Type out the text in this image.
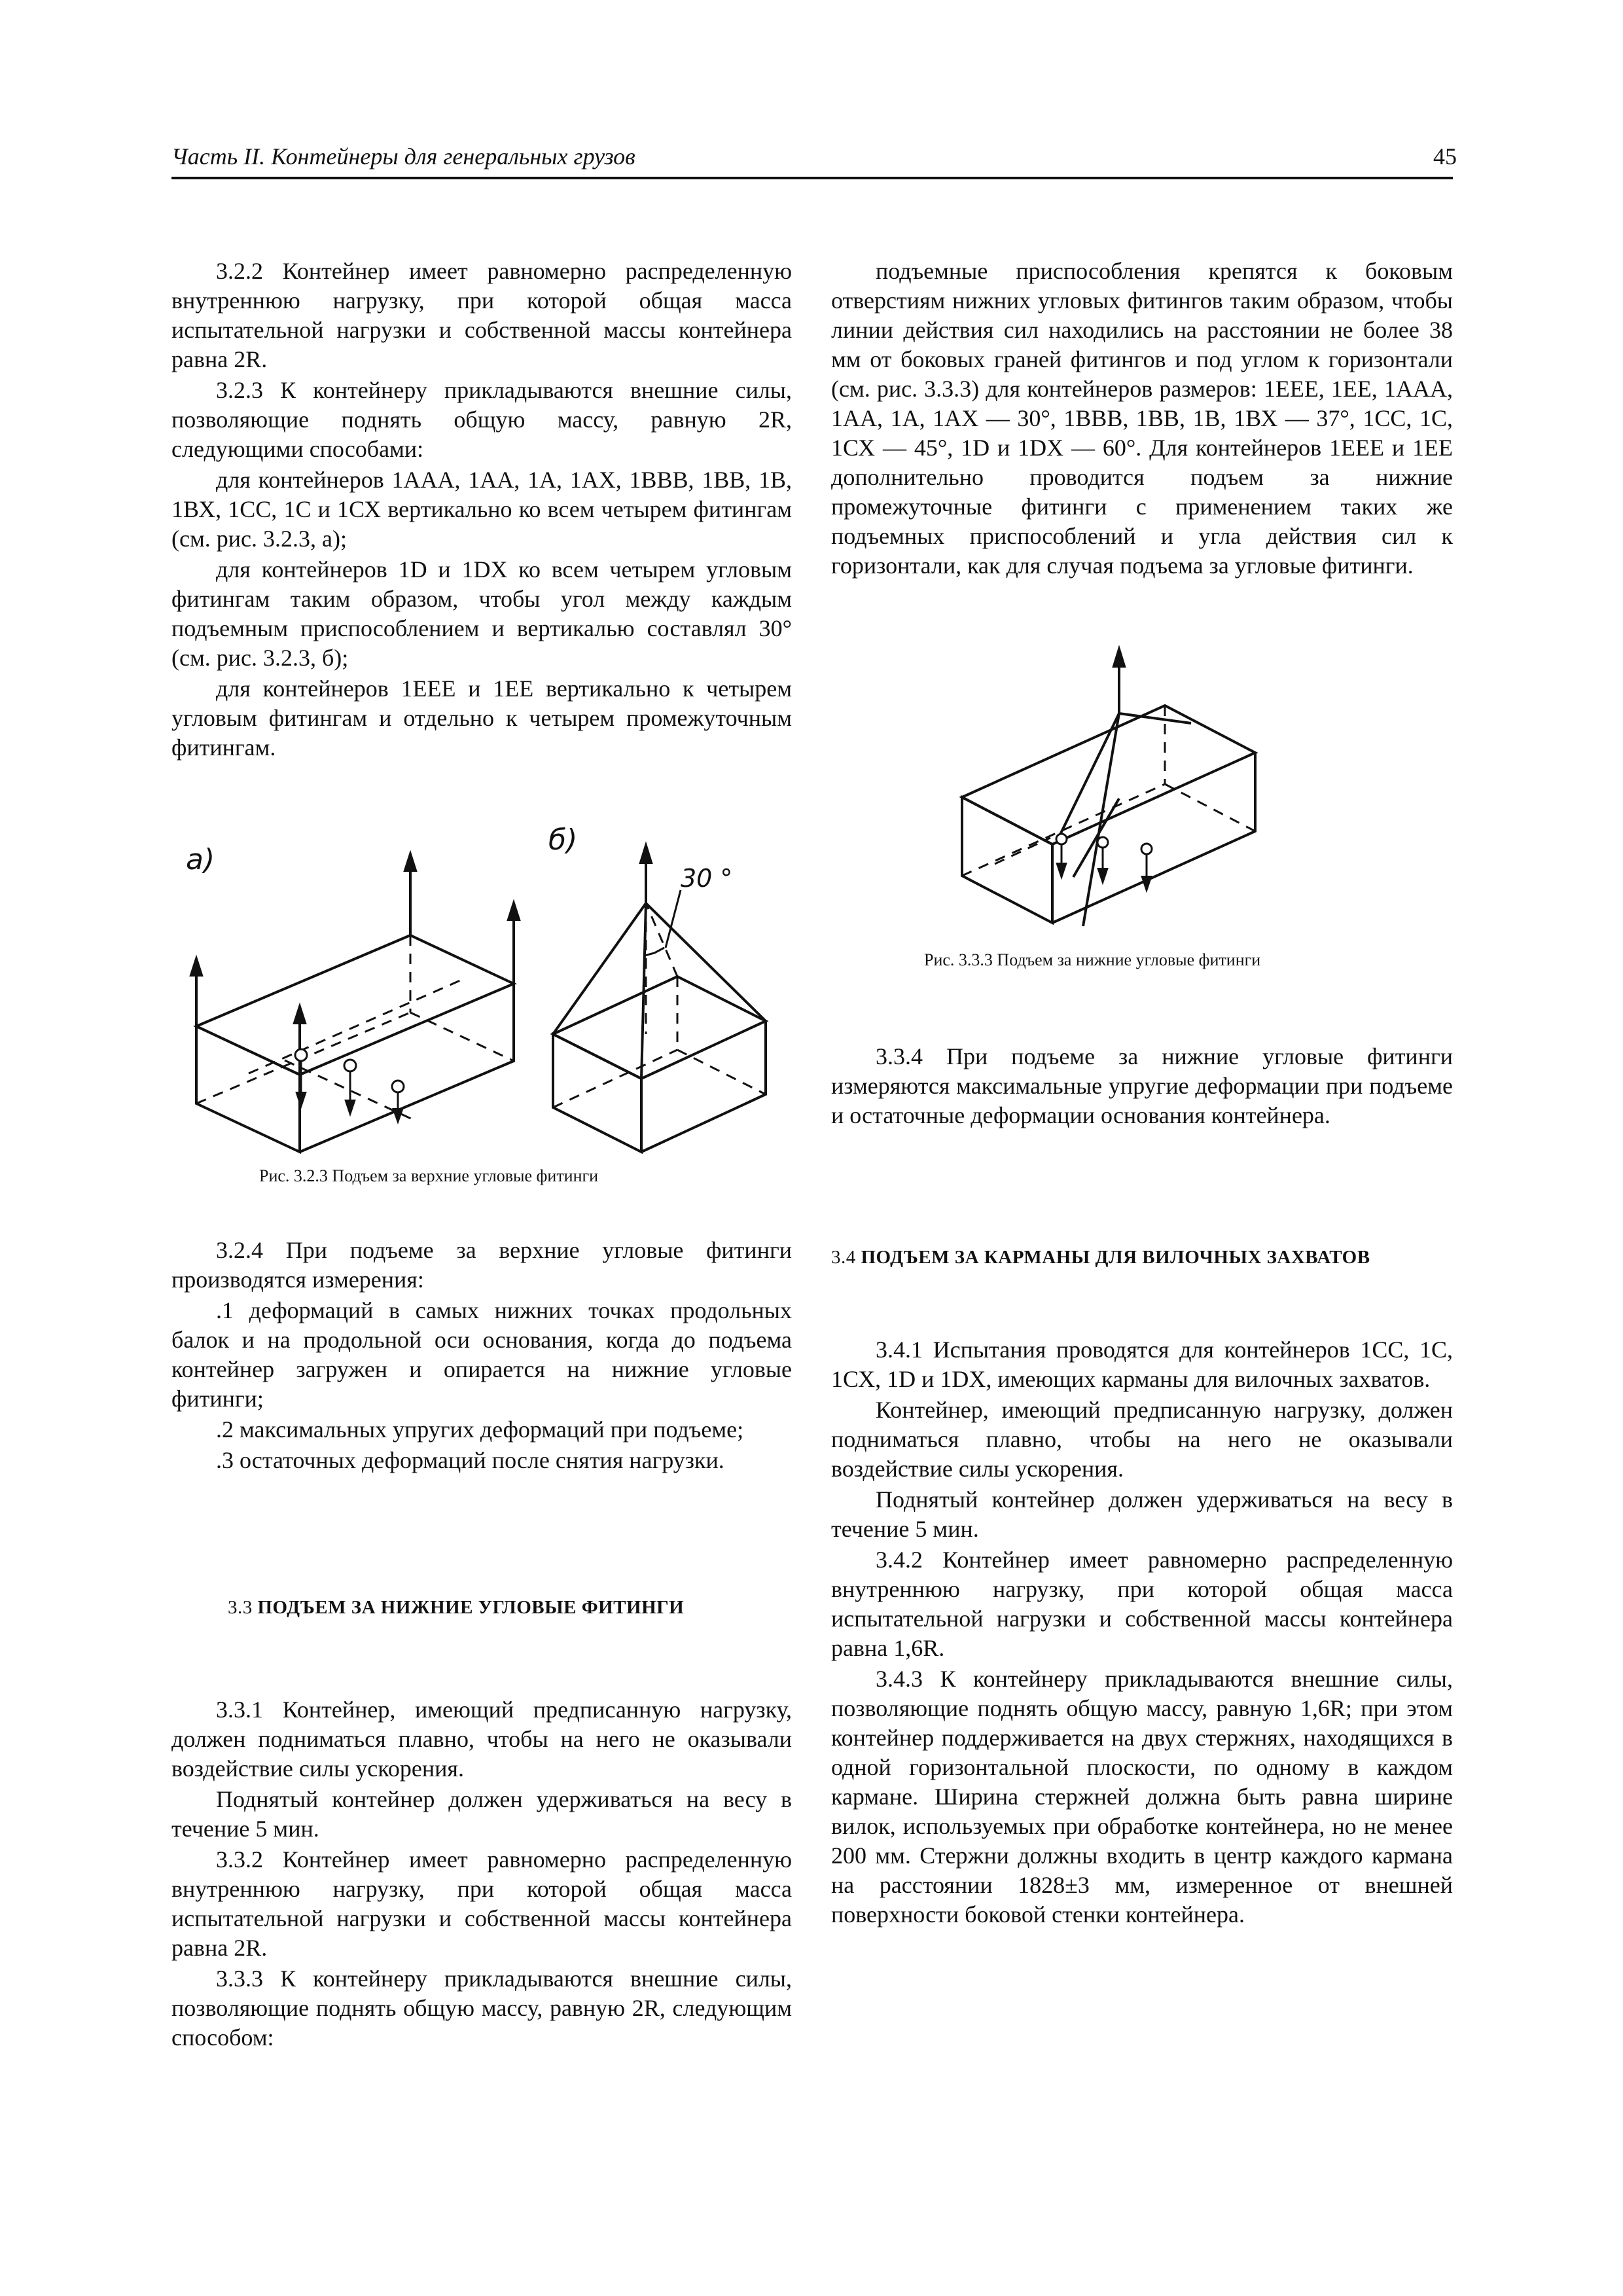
Часть II. Контейнеры для генеральных грузов	45

3.2.2 Контейнер имеет равномерно распределенную внутреннюю нагрузку, при которой общая масса испытательной нагрузки и собственной массы контейнера равна 2R.

3.2.3 К контейнеру прикладываются внешние силы, позволяющие поднять общую массу, равную 2R, следующими способами:

для контейнеров 1ААА, 1АА, 1А, 1АХ, 1ВВВ, 1ВВ, 1В, 1ВХ, 1СС, 1С и 1СХ вертикально ко всем четырем фитингам (см. рис. 3.2.3, а);

для контейнеров 1D и 1DX ко всем четырем угловым фитингам таким образом, чтобы угол между каждым подъемным приспособлением и вертикалью составлял 30° (см. рис. 3.2.3, б);

для контейнеров 1ЕЕЕ и 1ЕЕ вертикально к четырем угловым фитингам и отдельно к четырем промежуточным фитингам.

а)
б)
30 °
Рис. 3.2.3 Подъем за верхние угловые фитинги

3.2.4 При подъеме за верхние угловые фитинги производятся измерения:

.1 деформаций в самых нижних точках продольных балок и на продольной оси основания, когда до подъема контейнер загружен и опирается на нижние угловые фитинги;

.2 максимальных упругих деформаций при подъеме;

.3 остаточных деформаций после снятия нагрузки.

3.3 ПОДЪЕМ ЗА НИЖНИЕ УГЛОВЫЕ ФИТИНГИ

3.3.1 Контейнер, имеющий предписанную нагрузку, должен подниматься плавно, чтобы на него не оказывали воздействие силы ускорения.

Поднятый контейнер должен удерживаться на весу в течение 5 мин.

3.3.2 Контейнер имеет равномерно распределенную внутреннюю нагрузку, при которой общая масса испытательной нагрузки и собственной массы контейнера равна 2R.

3.3.3 К контейнеру прикладываются внешние силы, позволяющие поднять общую массу, равную 2R, следующим способом:

подъемные приспособления крепятся к боковым отверстиям нижних угловых фитингов таким образом, чтобы линии действия сил находились на расстоянии не более 38 мм от боковых граней фитингов и под углом к горизонтали (см. рис. 3.3.3) для контейнеров размеров: 1ЕЕЕ, 1ЕЕ, 1ААА, 1АА, 1А, 1АХ — 30°, 1ВВВ, 1ВВ, 1В, 1ВХ — 37°, 1СС, 1С, 1СХ — 45°, 1D и 1DX — 60°. Для контейнеров 1ЕЕЕ и 1ЕЕ дополнительно проводится подъем за нижние промежуточные фитинги с применением таких же подъемных приспособлений и угла действия сил к горизонтали, как для случая подъема за угловые фитинги.

Рис. 3.3.3 Подъем за нижние угловые фитинги

3.3.4 При подъеме за нижние угловые фитинги измеряются максимальные упругие деформации при подъеме и остаточные деформации основания контейнера.

3.4 ПОДЪЕМ ЗА КАРМАНЫ ДЛЯ ВИЛОЧНЫХ ЗАХВАТОВ

3.4.1 Испытания проводятся для контейнеров 1СС, 1С, 1СХ, 1D и 1DX, имеющих карманы для вилочных захватов.

Контейнер, имеющий предписанную нагрузку, должен подниматься плавно, чтобы на него не оказывали воздействие силы ускорения.

Поднятый контейнер должен удерживаться на весу в течение 5 мин.

3.4.2 Контейнер имеет равномерно распределенную внутреннюю нагрузку, при которой общая масса испытательной нагрузки и собственной массы контейнера равна 1,6R.

3.4.3 К контейнеру прикладываются внешние силы, позволяющие поднять общую массу, равную 1,6R; при этом контейнер поддерживается на двух стержнях, находящихся в одной горизонтальной плоскости, по одному в каждом кармане. Ширина стержней должна быть равна ширине вилок, используемых при обработке контейнера, но не менее 200 мм. Стержни должны входить в центр каждого кармана на расстоянии 1828±3 мм, измеренное от внешней поверхности боковой стенки контейнера.
